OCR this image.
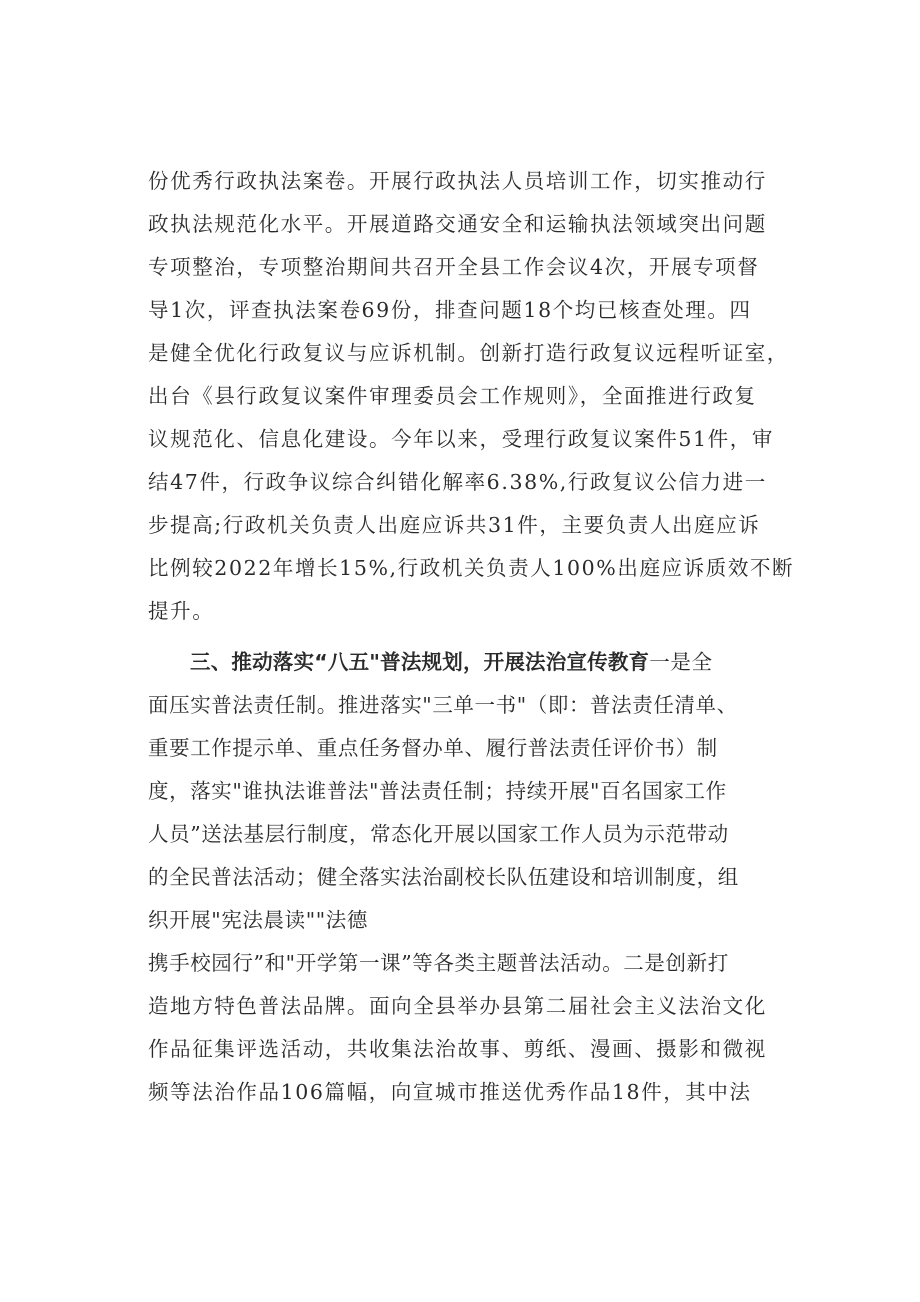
份优秀行政执法案卷。开展行政执法人员培训工作，切实推动行
政执法规范化水平。开展道路交通安全和运输执法领域突出问题
专项整治，专项整治期间共召开全县工作会议4次，开展专项督
导1次，评查执法案卷69份，排查问题18个均已核查处理。四
是健全优化行政复议与应诉机制。创新打造行政复议远程听证室，
出台《县行政复议案件审理委员会工作规则》，全面推进行政复
议规范化、信息化建设。今年以来，受理行政复议案件51件，审
结47件，行政争议综合纠错化解率6.38%,行政复议公信力进一
步提高;行政机关负责人出庭应诉共31件，主要负责人出庭应诉
比例较2022年增长15%,行政机关负责人100%出庭应诉质效不断
提升。
三、推动落实“八五"普法规划，开展法治宣传教育一是全
面压实普法责任制。推进落实"三单一书"（即：普法责任清单、
重要工作提示单、重点任务督办单、履行普法责任评价书）制
度，落实"谁执法谁普法"普法责任制；持续开展"百名国家工作
人员”送法基层行制度，常态化开展以国家工作人员为示范带动
的全民普法活动；健全落实法治副校长队伍建设和培训制度，组
织开展"宪法晨读""法德
携手校园行”和"开学第一课”等各类主题普法活动。二是创新打
造地方特色普法品牌。面向全县举办县第二届社会主义法治文化
作品征集评选活动，共收集法治故事、剪纸、漫画、摄影和微视
频等法治作品106篇幅，向宣城市推送优秀作品18件，其中法
